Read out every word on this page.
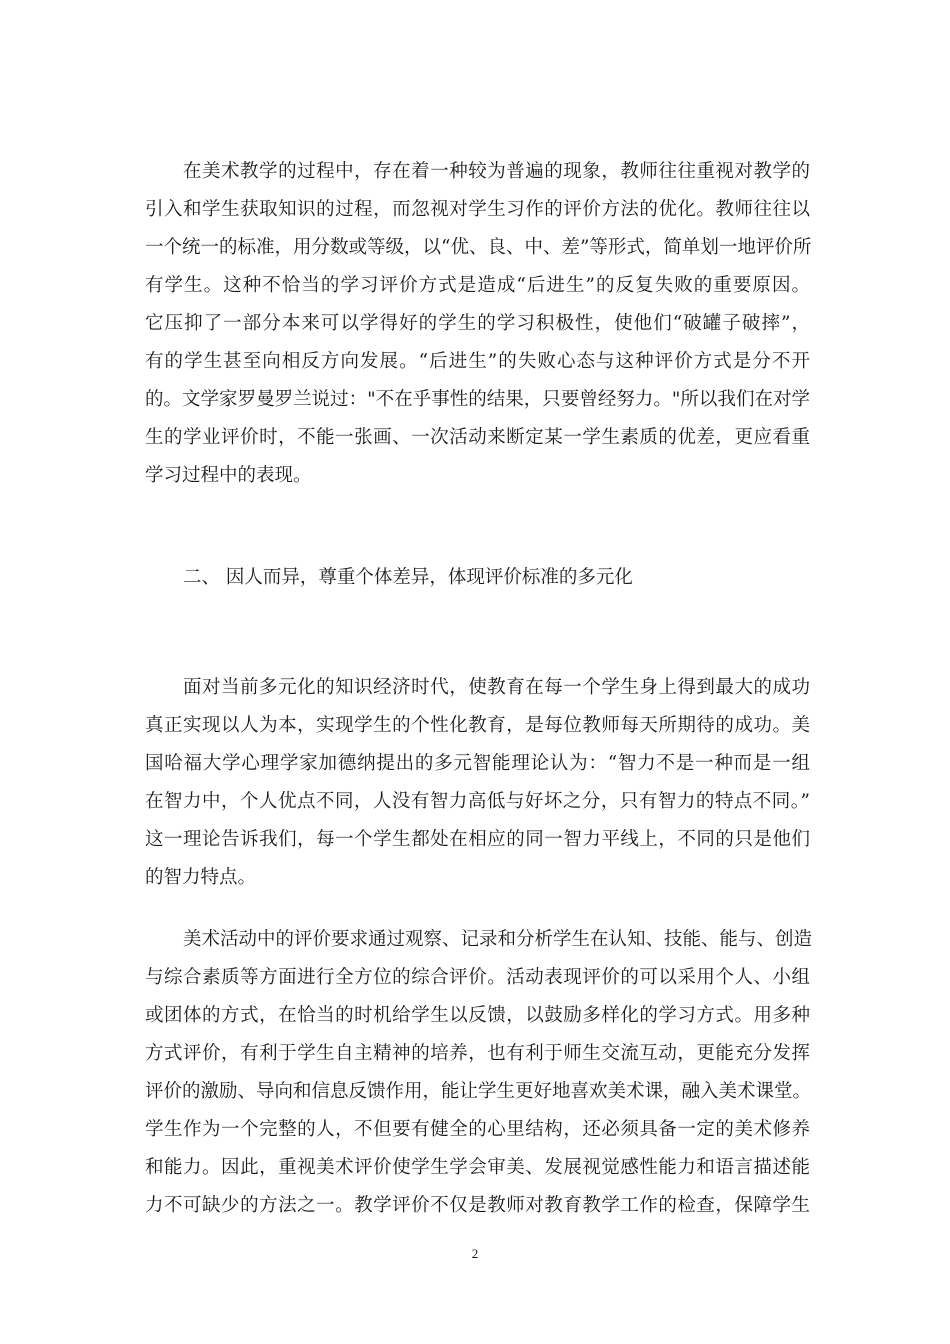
在美术教学的过程中，存在着一种较为普遍的现象，教师往往重视对教学的
引入和学生获取知识的过程，而忽视对学生习作的评价方法的优化。教师往往以
一个统一的标准，用分数或等级，以“优、良、中、差”等形式，简单划一地评价所
有学生。这种不恰当的学习评价方式是造成“后进生”的反复失败的重要原因。
它压抑了一部分本来可以学得好的学生的学习积极性，使他们“破罐子破摔”，
有的学生甚至向相反方向发展。“后进生”的失败心态与这种评价方式是分不开
的。文学家罗曼罗兰说过："不在乎事性的结果，只要曾经努力。"所以我们在对学
生的学业评价时，不能一张画、一次活动来断定某一学生素质的优差，更应看重
学习过程中的表现。
二、 因人而异，尊重个体差异，体现评价标准的多元化
面对当前多元化的知识经济时代，使教育在每一个学生身上得到最大的成功
真正实现以人为本，实现学生的个性化教育，是每位教师每天所期待的成功。美
国哈福大学心理学家加德纳提出的多元智能理论认为：“智力不是一种而是一组
在智力中，个人优点不同，人没有智力高低与好坏之分，只有智力的特点不同。”
这一理论告诉我们，每一个学生都处在相应的同一智力平线上，不同的只是他们
的智力特点。
美术活动中的评价要求通过观察、记录和分析学生在认知、技能、能与、创造
与综合素质等方面进行全方位的综合评价。活动表现评价的可以采用个人、小组
或团体的方式，在恰当的时机给学生以反馈，以鼓励多样化的学习方式。用多种
方式评价，有利于学生自主精神的培养，也有利于师生交流互动，更能充分发挥
评价的激励、导向和信息反馈作用，能让学生更好地喜欢美术课，融入美术课堂。
学生作为一个完整的人，不但要有健全的心里结构，还必须具备一定的美术修养
和能力。因此，重视美术评价使学生学会审美、发展视觉感性能力和语言描述能
力不可缺少的方法之一。教学评价不仅是教师对教育教学工作的检查，保障学生
2
